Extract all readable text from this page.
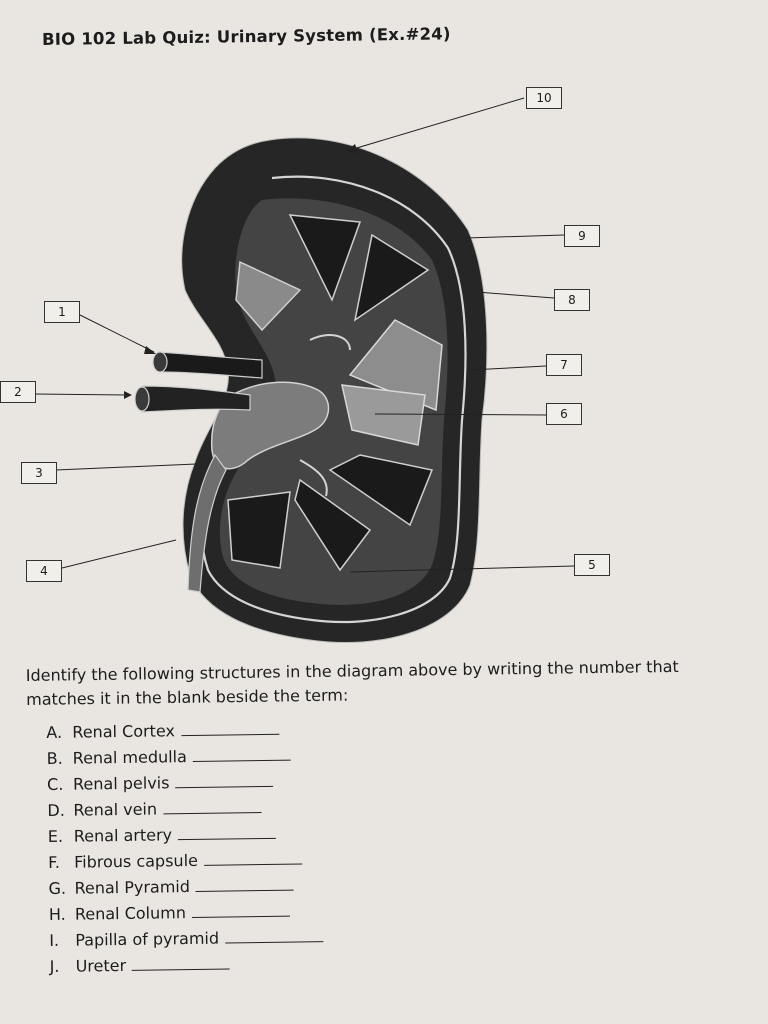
BIO 102 Lab Quiz: Urinary System (Ex.#24)
1
2
3
4	5
6
7
8
9
10
Identify the following structures in the diagram above by writing the number that matches it in the blank beside the term:
A. Renal Cortex
B. Renal medulla
C. Renal pelvis
D. Renal vein
E. Renal artery
F. Fibrous capsule
G. Renal Pyramid
H. Renal Column
I. Papilla of pyramid
J. Ureter
